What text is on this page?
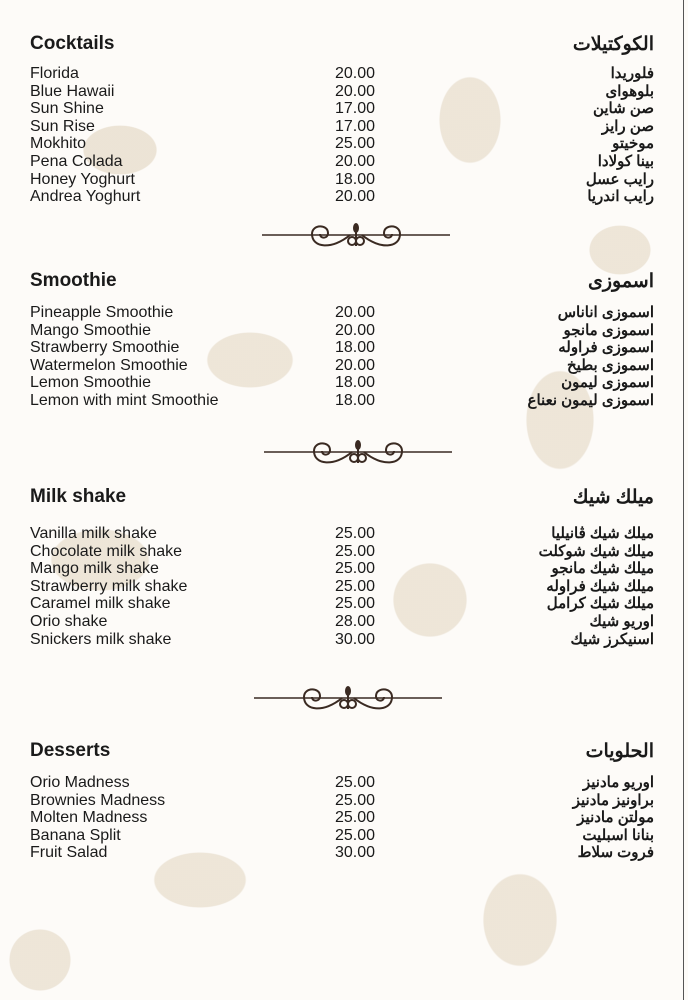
Cocktails	الكوكتيلات
Florida	20.00	فلوريدا
Blue Hawaii	20.00	بلوهواى
Sun Shine	17.00	صن شاين
Sun Rise	17.00	صن رايز
Mokhito	25.00	موخيتو
Pena Colada	20.00	بينا كولادا
Honey Yoghurt	18.00	رايب عسل
Andrea Yoghurt	20.00	رايب اندريا
Smoothie	اسموزى
Pineapple Smoothie	20.00	اسموزى اناناس
Mango Smoothie	20.00	اسموزى مانجو
Strawberry Smoothie	18.00	اسموزى فراوله
Watermelon Smoothie	20.00	اسموزى بطيخ
Lemon Smoothie	18.00	اسموزى ليمون
Lemon with mint Smoothie	18.00	اسموزى ليمون نعناع
Milk shake	ميلك شيك
Vanilla milk shake	25.00	ميلك شيك ڤانيليا
Chocolate milk shake	25.00	ميلك شيك شوكلت
Mango milk shake	25.00	ميلك شيك مانجو
Strawberry milk shake	25.00	ميلك شيك فراوله
Caramel milk shake	25.00	ميلك شيك كرامل
Orio shake	28.00	اوريو شيك
Snickers milk shake	30.00	اسنيكرز شيك
Desserts	الحلويات
Orio Madness	25.00	اوريو مادنيز
Brownies Madness	25.00	براونيز مادنيز
Molten Madness	25.00	مولتن مادنيز
Banana Split	25.00	بنانا اسبليت
Fruit Salad	30.00	فروت سلاط
